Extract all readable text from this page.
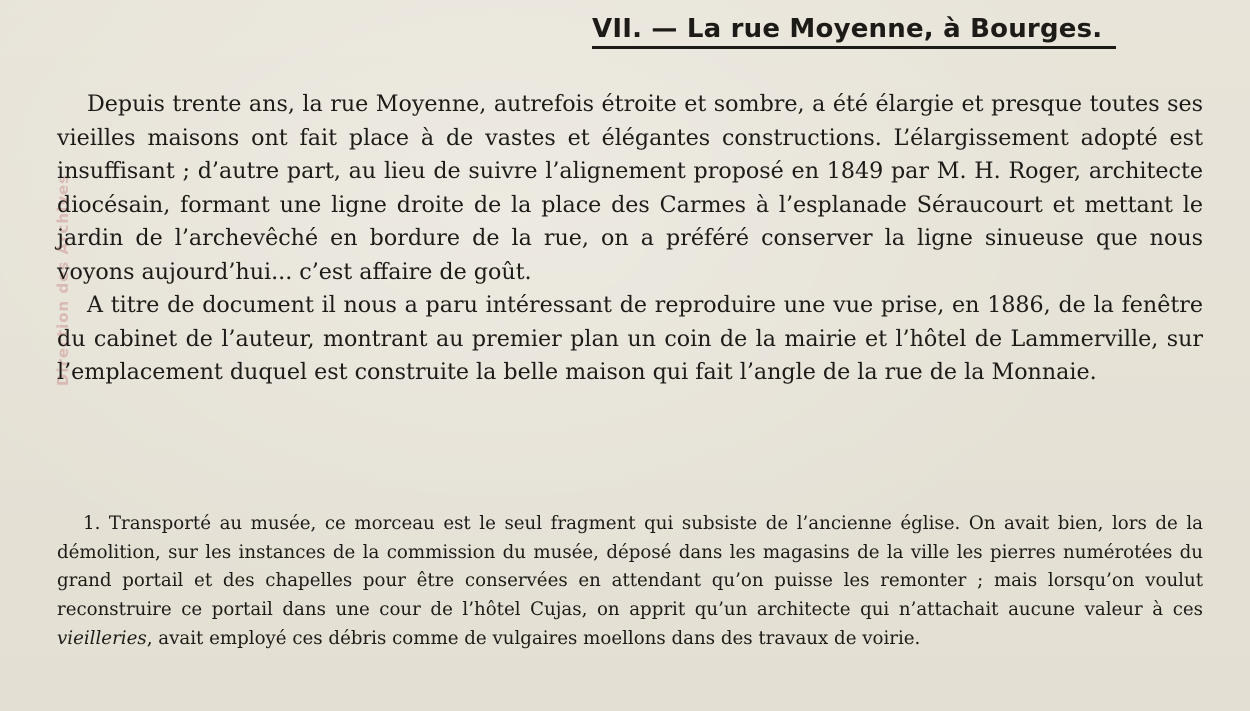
Direction des Archives
VII. — La rue Moyenne, à Bourges.

Depuis trente ans, la rue Moyenne, autrefois étroite et sombre, a été élargie et presque toutes ses vieilles maisons ont fait place à de vastes et élégantes constructions. L’élargissement adopté est insuffisant ; d’autre part, au lieu de suivre l’alignement proposé en 1849 par M. H. Roger, architecte diocésain, formant une ligne droite de la place des Carmes à l’esplanade Séraucourt et mettant le jardin de l’archevêché en bordure de la rue, on a préféré conserver la ligne sinueuse que nous voyons aujourd’hui... c’est affaire de goût.

A titre de document il nous a paru intéressant de reproduire une vue prise, en 1886, de la fenêtre du cabinet de l’auteur, montrant au premier plan un coin de la mairie et l’hôtel de Lammerville, sur l’emplacement duquel est construite la belle maison qui fait l’angle de la rue de la Monnaie.

1. Transporté au musée, ce morceau est le seul fragment qui subsiste de l’ancienne église. On avait bien, lors de la démolition, sur les instances de la commission du musée, déposé dans les magasins de la ville les pierres numérotées du grand portail et des chapelles pour être conservées en attendant qu’on puisse les remonter ; mais lorsqu’on voulut reconstruire ce portail dans une cour de l’hôtel Cujas, on apprit qu’un architecte qui n’attachait aucune valeur à ces vieilleries, avait employé ces débris comme de vulgaires moellons dans des travaux de voirie.
